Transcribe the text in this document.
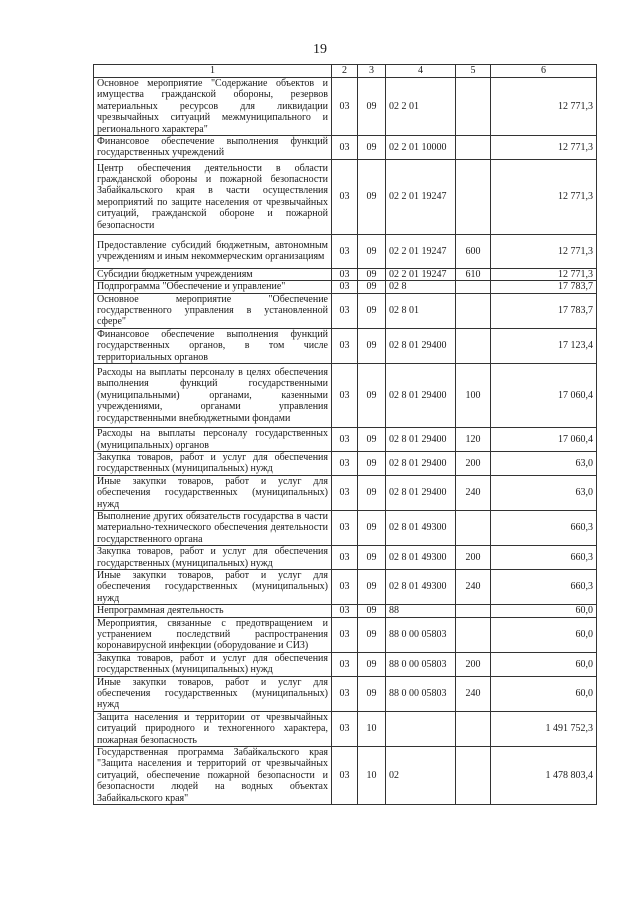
19
1	2	3	4	5	6
Основное мероприятие "Содержание объектов и имущества гражданской обороны, резервов материальных ресурсов для ликвидации чрезвычайных ситуаций межмуниципального и регионального характера"	03	09	02 2 01		12 771,3
Финансовое обеспечение выполнения функций государственных учреждений	03	09	02 2 01 10000		12 771,3
Центр обеспечения деятельности в области гражданской обороны и пожарной безопасности Забайкальского края в части осуществления мероприятий по защите населения от чрезвычайных ситуаций, гражданской обороне и пожарной безопасности	03	09	02 2 01 19247		12 771,3
Предоставление субсидий бюджетным, автономным учреждениям и иным некоммерческим организациям	03	09	02 2 01 19247	600	12 771,3
Субсидии бюджетным учреждениям	03	09	02 2 01 19247	610	12 771,3
Подпрограмма "Обеспечение и управление"	03	09	02 8		17 783,7
Основное мероприятие "Обеспечение государственного управления в установленной сфере"	03	09	02 8 01		17 783,7
Финансовое обеспечение выполнения функций государственных органов, в том числе территориальных органов	03	09	02 8 01 29400		17 123,4
Расходы на выплаты персоналу в целях обеспечения выполнения функций государственными (муниципальными) органами, казенными учреждениями, органами управления государственными внебюджетными фондами	03	09	02 8 01 29400	100	17 060,4
Расходы на выплаты персоналу государственных (муниципальных) органов	03	09	02 8 01 29400	120	17 060,4
Закупка товаров, работ и услуг для обеспечения государственных (муниципальных) нужд	03	09	02 8 01 29400	200	63,0
Иные закупки товаров, работ и услуг для обеспечения государственных (муниципальных) нужд	03	09	02 8 01 29400	240	63,0
Выполнение других обязательств государства в части материально-технического обеспечения деятельности государственного органа	03	09	02 8 01 49300		660,3
Закупка товаров, работ и услуг для обеспечения государственных (муниципальных) нужд	03	09	02 8 01 49300	200	660,3
Иные закупки товаров, работ и услуг для обеспечения государственных (муниципальных) нужд	03	09	02 8 01 49300	240	660,3
Непрограммная деятельность	03	09	88		60,0
Мероприятия, связанные с предотвращением и устранением последствий распространения коронавирусной инфекции (оборудование и СИЗ)	03	09	88 0 00 05803		60,0
Закупка товаров, работ и услуг для обеспечения государственных (муниципальных) нужд	03	09	88 0 00 05803	200	60,0
Иные закупки товаров, работ и услуг для обеспечения государственных (муниципальных) нужд	03	09	88 0 00 05803	240	60,0
Защита населения и территории от чрезвычайных ситуаций природного и техногенного характера, пожарная безопасность	03	10			1 491 752,3
Государственная программа Забайкальского края "Защита населения и территорий от чрезвычайных ситуаций, обеспечение пожарной безопасности и безопасности людей на водных объектах Забайкальского края"	03	10	02		1 478 803,4
